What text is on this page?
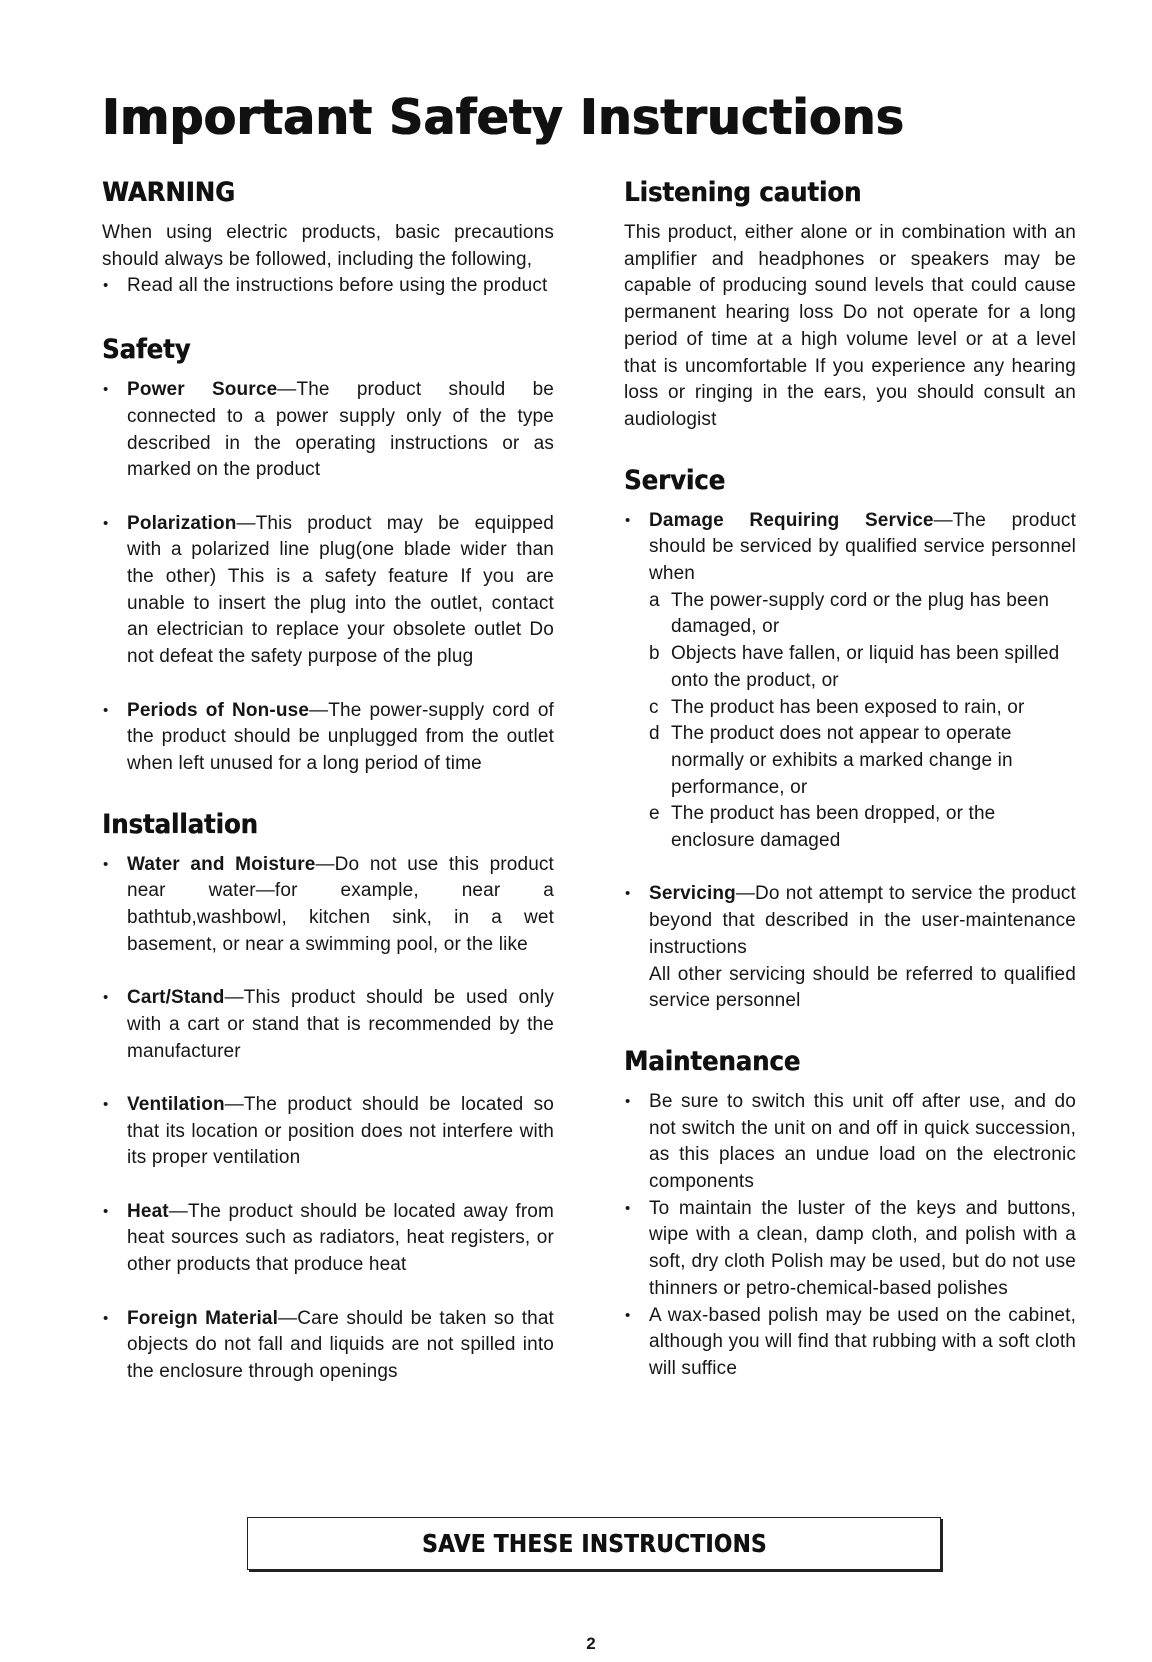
Important Safety Instructions
WARNING

When using electric products, basic precautions should always be followed, including the following,

• Read all the instructions before using the product
Safety
• Power Source—The product should be connected to a power supply only of the type described in the operating instructions or as marked on the product
• Polarization—This product may be equipped with a polarized line plug(one blade wider than the other) This is a safety feature If you are unable to insert the plug into the outlet, contact an electrician to replace your obsolete outlet Do not defeat the safety purpose of the plug
• Periods of Non-use—The power-supply cord of the product should be unplugged from the outlet when left unused for a long period of time
Installation
• Water and Moisture—Do not use this product near water—for example, near a bathtub,washbowl, kitchen sink, in a wet basement, or near a swimming pool, or the like
• Cart/Stand—This product should be used only with a cart or stand that is recommended by the manufacturer
• Ventilation—The product should be located so that its location or position does not interfere with its proper ventilation
• Heat—The product should be located away from heat sources such as radiators, heat registers, or other products that produce heat
• Foreign Material—Care should be taken so that objects do not fall and liquids are not spilled into the enclosure through openings
Listening caution

This product, either alone or in combination with an amplifier and headphones or speakers may be capable of producing sound levels that could cause permanent hearing loss Do not operate for a long period of time at a high volume level or at a level that is uncomfortable If you experience any hearing loss or ringing in the ears, you should consult an audiologist

Service
• Damage Requiring Service—The product should be serviced by qualified service personnel when
a The power-supply cord or the plug has been damaged, or
b Objects have fallen, or liquid has been spilled onto the product, or
c The product has been exposed to rain, or
d The product does not appear to operate normally or exhibits a marked change in performance, or
e The product has been dropped, or the enclosure damaged
• Servicing—Do not attempt to service the product beyond that described in the user-maintenance instructions

All other servicing should be referred to qualified service personnel

Maintenance
• Be sure to switch this unit off after use, and do not switch the unit on and off in quick succession, as this places an undue load on the electronic components
• To maintain the luster of the keys and buttons, wipe with a clean, damp cloth, and polish with a soft, dry cloth Polish may be used, but do not use thinners or petro-chemical-based polishes
• A wax-based polish may be used on the cabinet, although you will find that rubbing with a soft cloth will suffice
SAVE THESE INSTRUCTIONS
2
